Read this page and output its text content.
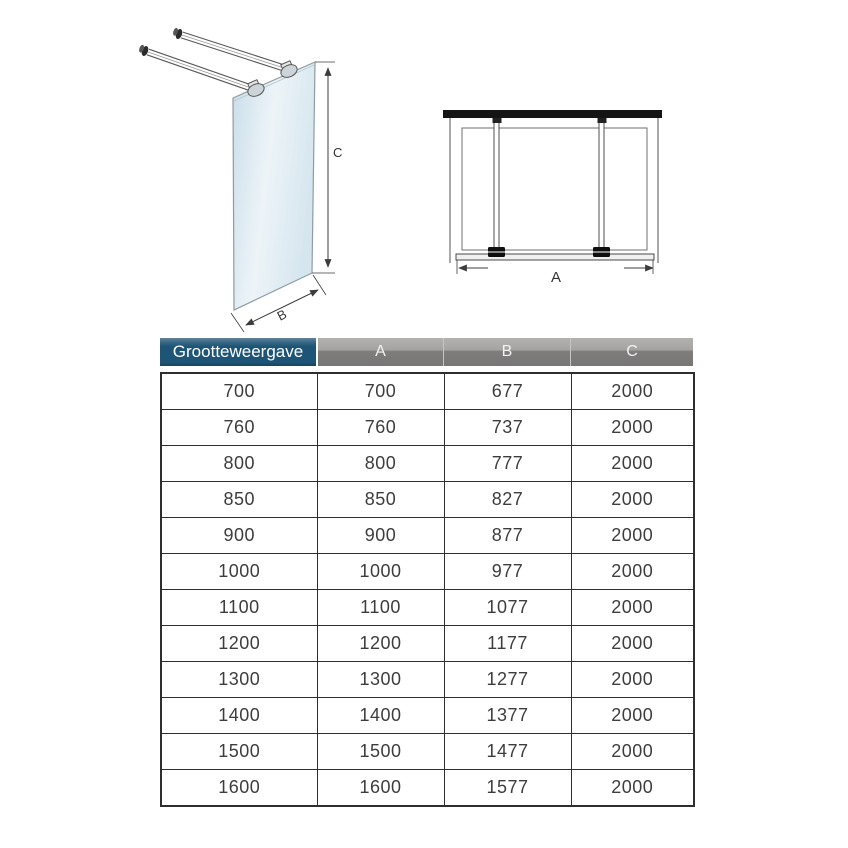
C
B
A
Grootteweergave	A	B	C
700	700	677	2000
760	760	737	2000
800	800	777	2000
850	850	827	2000
900	900	877	2000
1000	1000	977	2000
1100	1100	1077	2000
1200	1200	1177	2000
1300	1300	1277	2000
1400	1400	1377	2000
1500	1500	1477	2000
1600	1600	1577	2000
